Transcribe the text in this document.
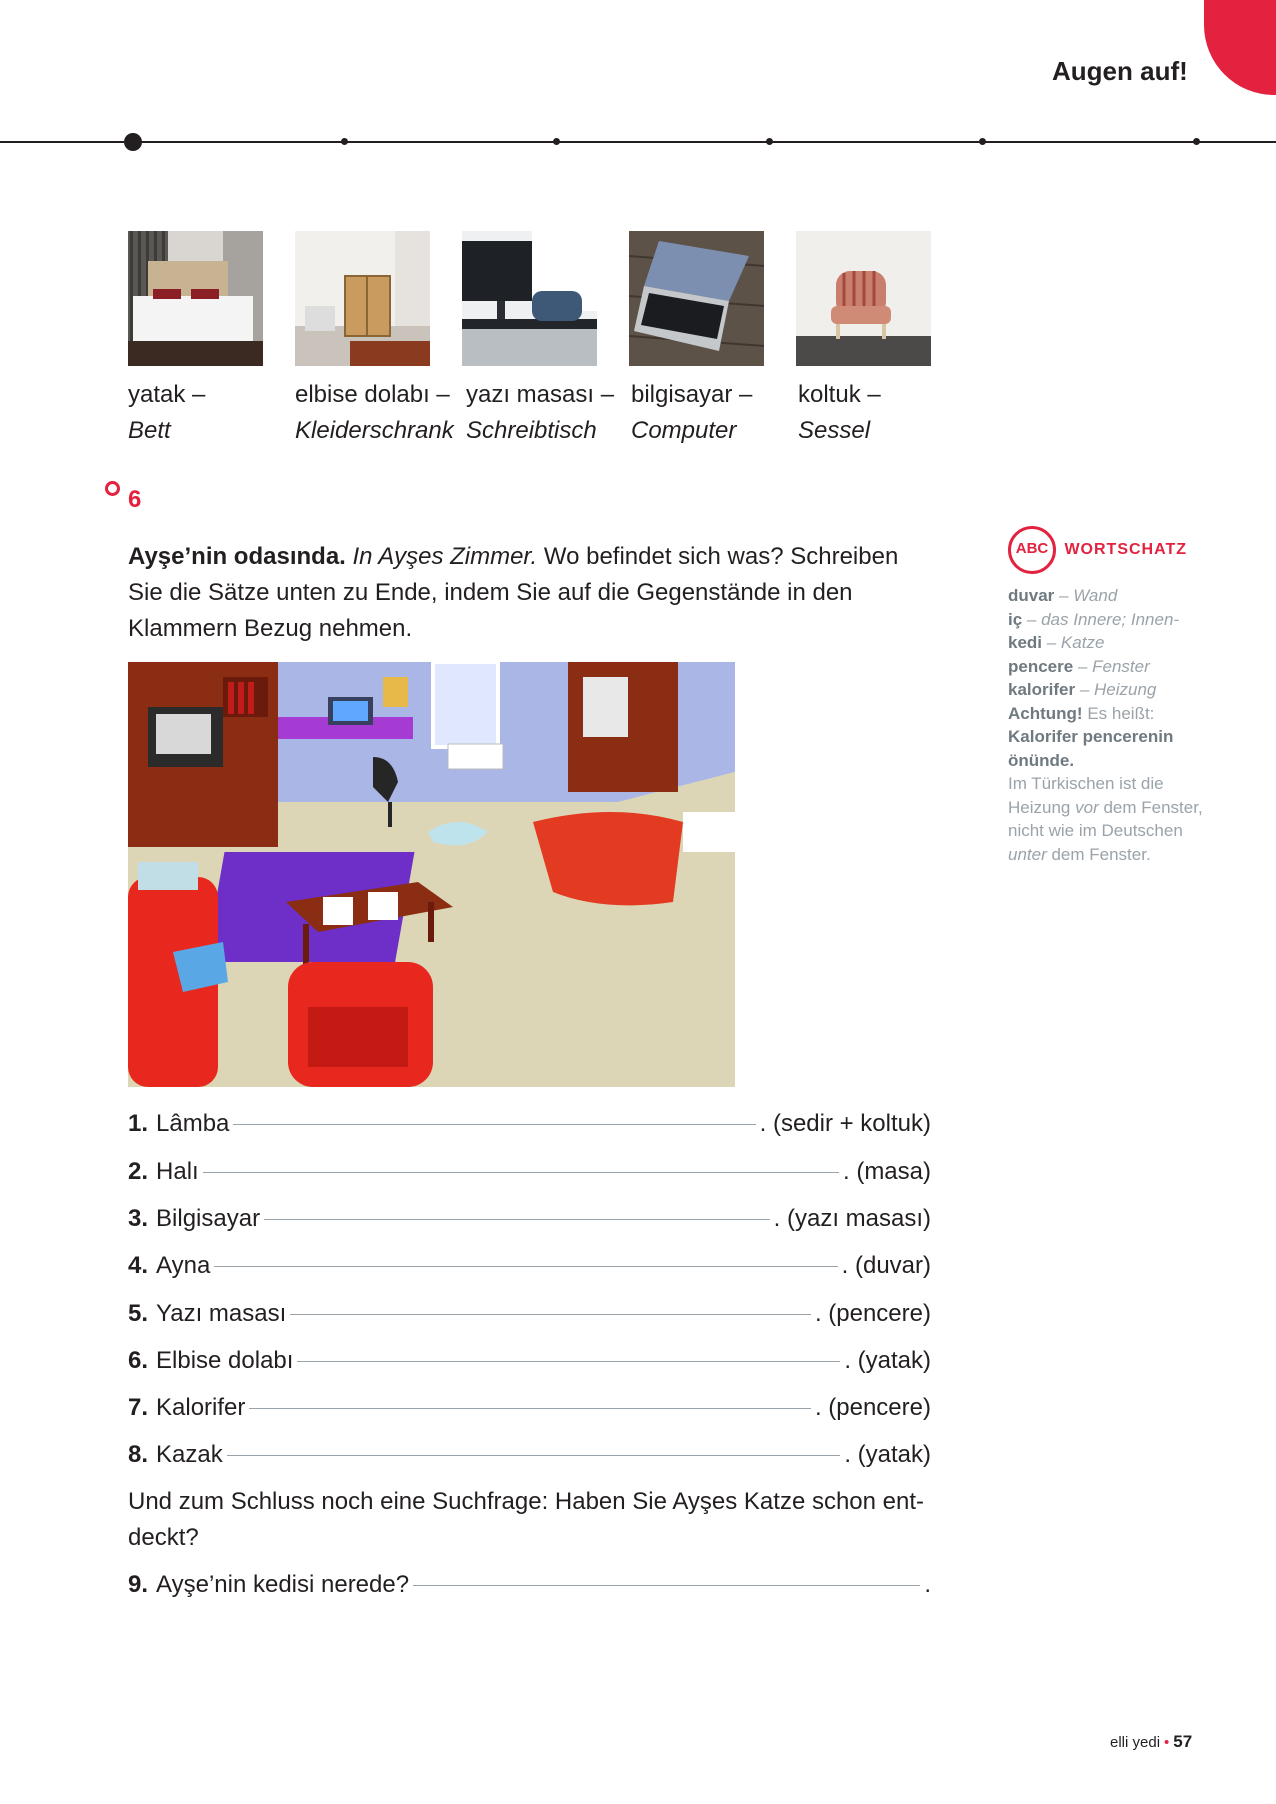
Augen auf!
yatak –
Bett
elbise dolabı –
Kleiderschrank
yazı masası –
Schreibtisch
bilgisayar –
Computer
koltuk –
Sessel
6
Ayşe’nin odasında. In Ayşes Zimmer. Wo befindet sich was? Schreiben Sie die Sätze unten zu Ende, indem Sie auf die Gegenstände in den Klammern Bezug nehmen.
ABC WORTSCHATZ
duvar – Wand
iç – das Innere; Innen-
kedi – Katze
pencere – Fenster
kalorifer – Heizung
Achtung! Es heißt:
Kalorifer pencerenin önünde.
Im Türkischen ist die Heizung vor dem Fenster, nicht wie im Deutschen unter dem Fenster.
1. Lâmba	. (sedir + koltuk)
2. Halı	. (masa)
3. Bilgisayar	. (yazı masası)
4. Ayna	. (duvar)
5. Yazı masası	. (pencere)
6. Elbise dolabı	. (yatak)
7. Kalorifer	. (pencere)
8. Kazak	. (yatak)
Und zum Schluss noch eine Suchfrage: Haben Sie Ayşes Katze schon ent-deckt?
9. Ayşe’nin kedisi nerede?	.
elli yedi • 57
